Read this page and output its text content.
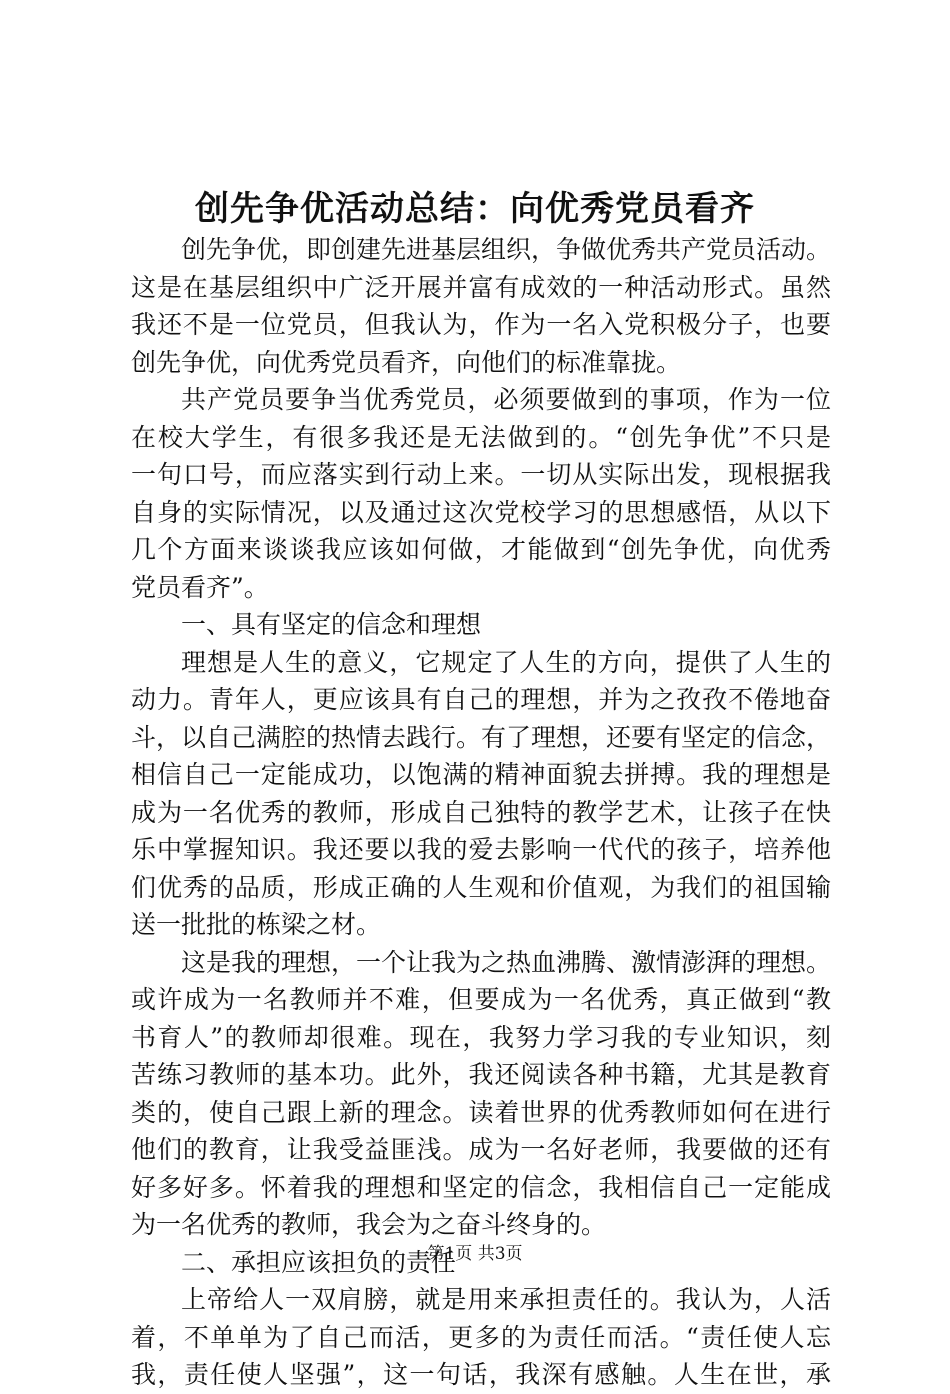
创先争优活动总结：向优秀党员看齐
创先争优，即创建先进基层组织，争做优秀共产党员活动。
这是在基层组织中广泛开展并富有成效的一种活动形式。虽然
我还不是一位党员，但我认为，作为一名入党积极分子，也要
创先争优，向优秀党员看齐，向他们的标准靠拢。
共产党员要争当优秀党员，必须要做到的事项，作为一位
在校大学生，有很多我还是无法做到的。“创先争优”不只是
一句口号，而应落实到行动上来。一切从实际出发，现根据我
自身的实际情况，以及通过这次党校学习的思想感悟，从以下
几个方面来谈谈我应该如何做，才能做到“创先争优，向优秀
党员看齐”。
一、具有坚定的信念和理想
理想是人生的意义，它规定了人生的方向，提供了人生的
动力。青年人，更应该具有自己的理想，并为之孜孜不倦地奋
斗，以自己满腔的热情去践行。有了理想，还要有坚定的信念，
相信自己一定能成功，以饱满的精神面貌去拼搏。我的理想是
成为一名优秀的教师，形成自己独特的教学艺术，让孩子在快
乐中掌握知识。我还要以我的爱去影响一代代的孩子，培养他
们优秀的品质，形成正确的人生观和价值观，为我们的祖国输
送一批批的栋梁之材。
这是我的理想，一个让我为之热血沸腾、激情澎湃的理想。
或许成为一名教师并不难，但要成为一名优秀，真正做到“教
书育人”的教师却很难。现在，我努力学习我的专业知识，刻
苦练习教师的基本功。此外，我还阅读各种书籍，尤其是教育
类的，使自己跟上新的理念。读着世界的优秀教师如何在进行
他们的教育，让我受益匪浅。成为一名好老师，我要做的还有
好多好多。怀着我的理想和坚定的信念，我相信自己一定能成
为一名优秀的教师，我会为之奋斗终身的。
二、承担应该担负的责任
上帝给人一双肩膀，就是用来承担责任的。我认为，人活
着，不单单为了自己而活，更多的为责任而活。“责任使人忘
我，责任使人坚强”，这一句话，我深有感触。人生在世，承
第1页 共3页
